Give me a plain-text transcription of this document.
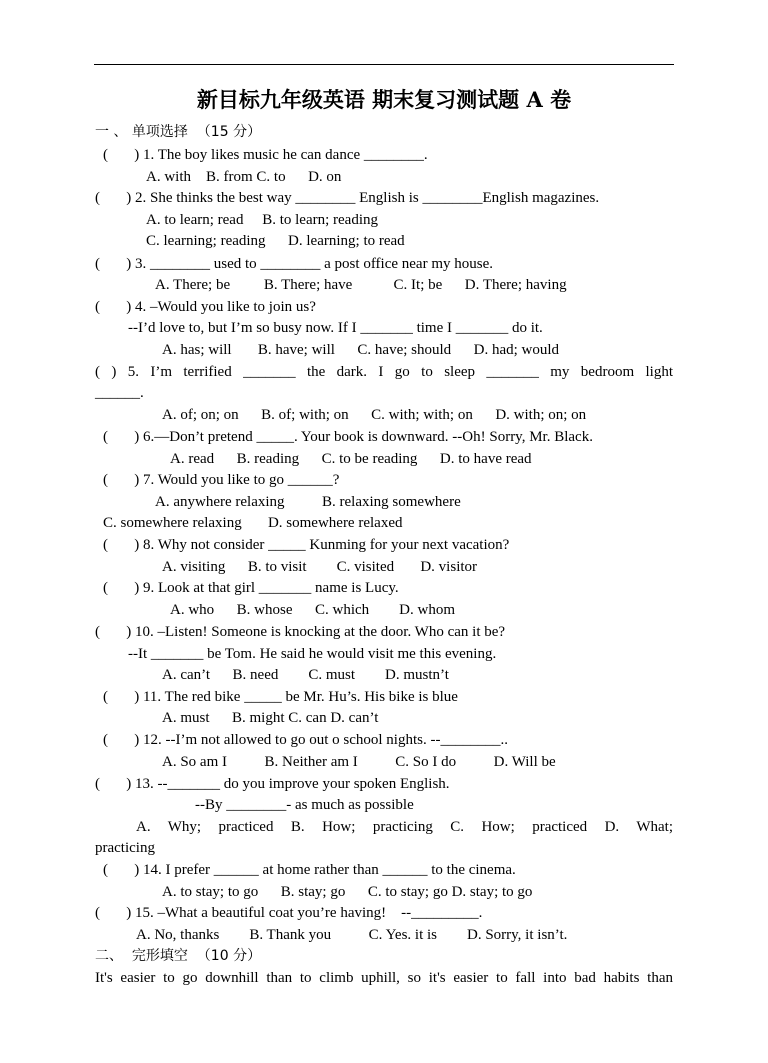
新目标九年级英语 期末复习测试题 A 卷
一 、 单项选择  （15 分）
(       ) 1. The boy likes music he can dance ________.
A. with    B. from C. to      D. on
(       ) 2. She thinks the best way ________ English is ________English magazines.
A. to learn; read     B. to learn; reading
C. learning; reading      D. learning; to read
(       ) 3. ________ used to ________ a post office near my house.
A. There; be         B. There; have           C. It; be      D. There; having
(       ) 4. –Would you like to join us?
--I’d love to, but I’m so busy now. If I _______ time I _______ do it.
A. has; will       B. have; will      C. have; should      D. had; would
( ) 5. I’m terrified _______ the dark. I go to sleep _______ my bedroom light
______.
A. of; on; on      B. of; with; on      C. with; with; on      D. with; on; on
(       ) 6.—Don’t pretend _____. Your book is downward. --Oh! Sorry, Mr. Black.
A. read      B. reading      C. to be reading      D. to have read
(       ) 7. Would you like to go ______?
A. anywhere relaxing          B. relaxing somewhere
C. somewhere relaxing       D. somewhere relaxed
(       ) 8. Why not consider _____ Kunming for your next vacation?
A. visiting      B. to visit        C. visited       D. visitor
(       ) 9. Look at that girl _______ name is Lucy.
A. who      B. whose      C. which        D. whom
(       ) 10. –Listen! Someone is knocking at the door. Who can it be?
--It _______ be Tom. He said he would visit me this evening.
A. can’t      B. need        C. must        D. mustn’t
(       ) 11. The red bike _____ be Mr. Hu’s. His bike is blue
A. must      B. might C. can D. can’t
(       ) 12. --I’m not allowed to go out o school nights. --________..
A. So am I          B. Neither am I          C. So I do          D. Will be
(       ) 13. --_______ do you improve your spoken English.
--By ________- as much as possible
A. Why; practiced B. How; practicing C. How; practiced D. What;
practicing
(       ) 14. I prefer ______ at home rather than ______ to the cinema.
A. to stay; to go      B. stay; go      C. to stay; go D. stay; to go
(       ) 15. –What a beautiful coat you’re having!    --_________.
A. No, thanks        B. Thank you          C. Yes. it is        D. Sorry, it isn’t.
二、  完形填空  （10 分）
It's easier to go downhill than to climb uphill, so it's easier to fall into bad habits than
